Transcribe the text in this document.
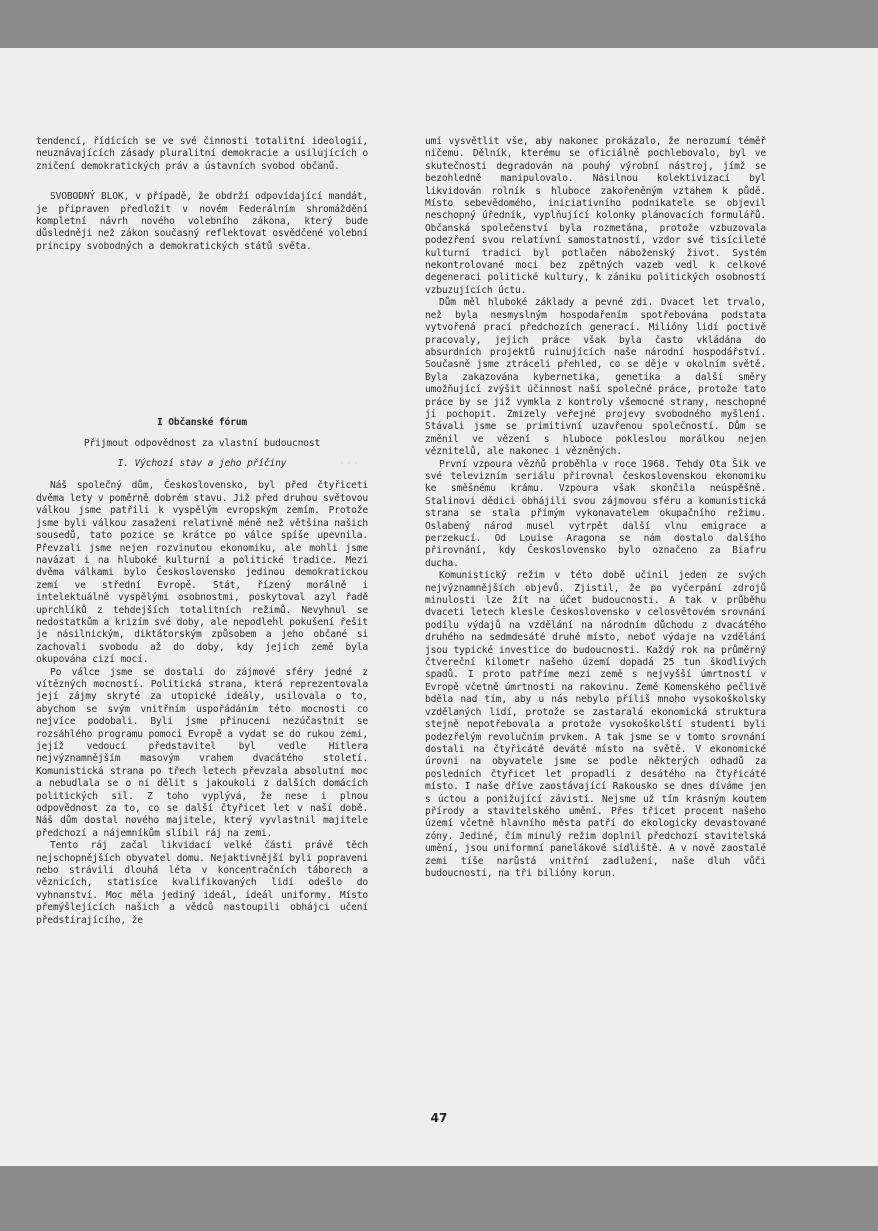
tendencí, řídících se ve své činnosti totalitní ideologií, neuznávajících zásady pluralitní demokracie a usilujících o zničení demokratických práv a ústavních svobod občanů.

SVOBODNÝ BLOK, v případě, že obdrží odpovídající mandát, je připraven předložit v novém Federálním shromáždění kompletní návrh nového volebního zákona, který bude důsledněji než zákon současný reflektovat osvědčené volební principy svobodných a demokratických států světa.

I Občanské fórum

Přijmout odpovědnost za vlastní budoucnost

I. Výchozí stav a jeho příčiny

Náš společný dům, Československo, byl před čtyřiceti dvěma lety v poměrně dobrém stavu. Již před druhou světovou válkou jsme patřili k vyspělým evropským zemím. Protože jsme byli válkou zasaženi relativně méně než většina našich sousedů, tato pozice se krátce po válce spíše upevnila. Převzali jsme nejen rozvinutou ekonomiku, ale mohli jsme navázat i na hluboké kulturní a politické tradice. Mezi dvěma válkami bylo Československo jedinou demokratickou zemí ve střední Evropě. Stát, řízený morálně i intelektuálně vyspělými osobnostmi, poskytoval azyl řadě uprchlíků z tehdejších totalitních režimů. Nevyhnul se nedostatkům a krizím své doby, ale nepodlehl pokušení řešit je násilnickým, diktátorským způsobem a jeho občané si zachovali svobodu až do doby, kdy jejich země byla okupována cizí mocí.

Po válce jsme se dostali do zájmové sféry jedné z vítězných mocností. Politická strana, která reprezentovala její zájmy skryté za utopické ideály, usilovala o to, abychom se svým vnitřním uspořádáním této mocnosti co nejvíce podobali. Byli jsme přinuceni nezúčastnit se rozsáhlého programu pomoci Evropě a vydat se do rukou zemi, jejíž vedoucí představitel byl vedle Hitlera nejvýznamnějším masovým vrahem dvacátého století. Komunistická strana po třech letech převzala absolutní moc a nebudlala se o ni dělit s jakoukoli z dalších domácích politických sil. Z toho vyplývá, že nese i plnou odpovědnost za to, co se další čtyřicet let v naší době. Náš dům dostal nového majitele, který vyvlastnil majitele předchozí a nájemníkům slíbil ráj na zemi.

Tento ráj začal likvidací velké části právě těch nejschopnějších obyvatel domu. Nejaktivnější byli popraveni nebo strávili dlouhá léta v koncentračních táborech a věznicích, statisíce kvalifikovaných lidí odešlo do vyhnanství. Moc měla jediný ideál, ideál uniformy. Místo přemýšlejících našich a vědců nastoupili obhájci učení předstírajícího, že

umí vysvětlit vše, aby nakonec prokázalo, že nerozumí téměř ničemu. Dělník, kterému se oficiálně pochlebovalo, byl ve skutečnosti degradován na pouhý výrobní nástroj, jímž se bezohledně manipulovalo. Násilnou kolektivizací byl likvidován rolník s hluboce zakořeněným vztahem k půdě. Místo sebevědomého, iniciativního podnikatele se objevil neschopný úředník, vyplňující kolonky plánovacích formulářů. Občanská společenství byla rozmetána, protože vzbuzovala podezření svou relativní samostatností, vzdor své tisícileté kulturní tradici byl potlačen náboženský život. Systém nekontrolované moci bez zpětných vazeb vedl k celkové degeneraci politické kultury, k zániku politických osobností vzbuzujících úctu.

Dům měl hluboké základy a pevné zdi. Dvacet let trvalo, než byla nesmyslným hospodařením spotřebována podstata vytvořená prací předchozích generací. Milióny lidí poctivě pracovaly, jejich práce však byla často vkládána do absurdních projektů ruinujících naše národní hospodářství. Současně jsme ztráceli přehled, co se děje v okolním světě. Byla zakazována kybernetika, genetika a další směry umožňující zvýšit účinnost naší společné práce, protože tato práce by se již vymkla z kontroly všemocné strany, neschopné ji pochopit. Zmizely veřejné projevy svobodného myšlení. Stávali jsme se primitivní uzavřenou společností. Dům se změnil ve vězení s hluboce pokleslou morálkou nejen věznitelů, ale nakonec i vězněných.

První vzpoura vězňů proběhla v roce 1968. Tehdy Ota Šik ve své televizním seriálu přirovnal československou ekonomiku ke směšnému krámu. Vzpoura však skončila neúspěšně. Stalinovi dědici obhájili svou zájmovou sféru a komunistická strana se stala přímým vykonavatelem okupačního režimu. Oslabený národ musel vytrpět další vlnu emigrace a perzekucí. Od Louise Aragona se nám dostalo dalšího přirovnání, kdy Československo bylo označeno za Biafru ducha.

Komunistický režim v této době učinil jeden ze svých nejvýznamnějších objevů. Zjistil, že po vyčerpání zdrojů minulosti lze žít na účet budoucnosti. A tak v průběhu dvaceti letech klesle Československo v celosvětovém srovnání podílu výdajů na vzdělání na národním důchodu z dvacátého druhého na sedmdesáté druhé místo, neboť výdaje na vzdělání jsou typické investice do budoucnosti. Každý rok na průměrný čtvereční kilometr našeho území dopadá 25 tun škodlivých spadů. I proto patříme mezi země s nejvyšší úmrtností v Evropě včetně úmrtnosti na rakovinu. Země Komenského pečlivě bděla nad tím, aby u nás nebylo příliš mnoho vysokoškolsky vzdělaných lidí, protože se zastaralá ekonomická struktura stejně nepotřebovala a protože vysokoškolští studenti byli podezřelým revolučním prvkem. A tak jsme se v tomto srovnání dostali na čtyřicáté deváté místo na světě. V ekonomické úrovni na obyvatele jsme se podle některých odhadů za posledních čtyřicet let propadli z desátého na čtyřicáté místo. I naše dříve zaostávající Rakousko se dnes díváme jen s úctou a ponižující závistí. Nejsme už tím krásným koutem přírody a stavitelského umění. Přes třicet procent našeho území včetně hlavního města patří do ekologicky devastované zóny. Jediné, čím minulý režim doplnil předchozí stavitelská umění, jsou uniformní panelákové sídliště. A v nově zaostalé zemi tíše narůstá vnitřní zadlužení, naše dluh vůči budoucnosti, na tři bilióny korun.

· · ·
47
